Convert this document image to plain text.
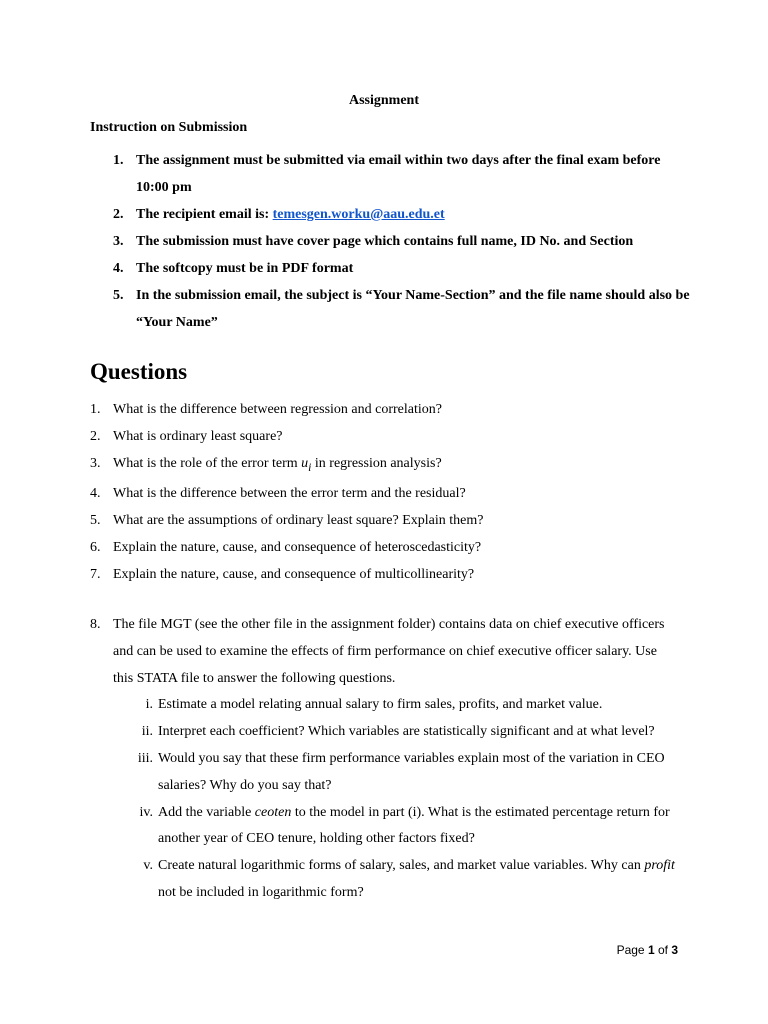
Assignment
Instruction on Submission
1. The assignment must be submitted via email within two days after the final exam before 10:00 pm
2. The recipient email is: temesgen.worku@aau.edu.et
3. The submission must have cover page which contains full name, ID No. and Section
4. The softcopy must be in PDF format
5. In the submission email, the subject is “Your Name-Section” and the file name should also be “Your Name”
Questions
1. What is the difference between regression and correlation?
2. What is ordinary least square?
3. What is the role of the error term $u_i$ in regression analysis?
4. What is the difference between the error term and the residual?
5. What are the assumptions of ordinary least square? Explain them?
6. Explain the nature, cause, and consequence of heteroscedasticity?
7. Explain the nature, cause, and consequence of multicollinearity?
8. The file MGT (see the other file in the assignment folder) contains data on chief executive officers and can be used to examine the effects of firm performance on chief executive officer salary. Use this STATA file to answer the following questions.
i. Estimate a model relating annual salary to firm sales, profits, and market value.
ii. Interpret each coefficient? Which variables are statistically significant and at what level?
iii. Would you say that these firm performance variables explain most of the variation in CEO salaries? Why do you say that?
iv. Add the variable ceoten to the model in part (i). What is the estimated percentage return for another year of CEO tenure, holding other factors fixed?
v. Create natural logarithmic forms of salary, sales, and market value variables. Why can profit not be included in logarithmic form?
Page 1 of 3
